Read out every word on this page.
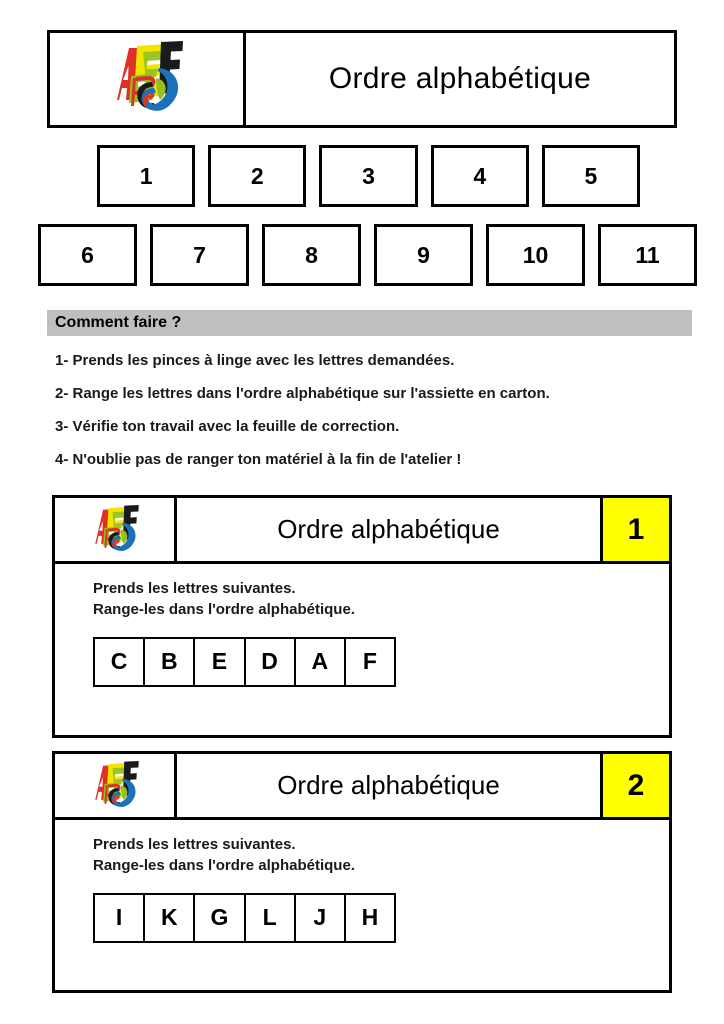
Ordre alphabétique
1	2	3	4	5
6	7	8	9	10	11
Comment faire ?
1- Prends les pinces à linge avec les lettres demandées.
2- Range les lettres dans l'ordre alphabétique sur l'assiette en carton.
3- Vérifie ton travail avec la feuille de correction.
4- N'oublie pas de ranger ton matériel à la fin de l'atelier !
Ordre alphabétique	1
Prends les lettres suivantes.
Range-les dans l'ordre alphabétique.
C	B	E	D	A	F
Ordre alphabétique	2
Prends les lettres suivantes.
Range-les dans l'ordre alphabétique.
I	K	G	L	J	H
